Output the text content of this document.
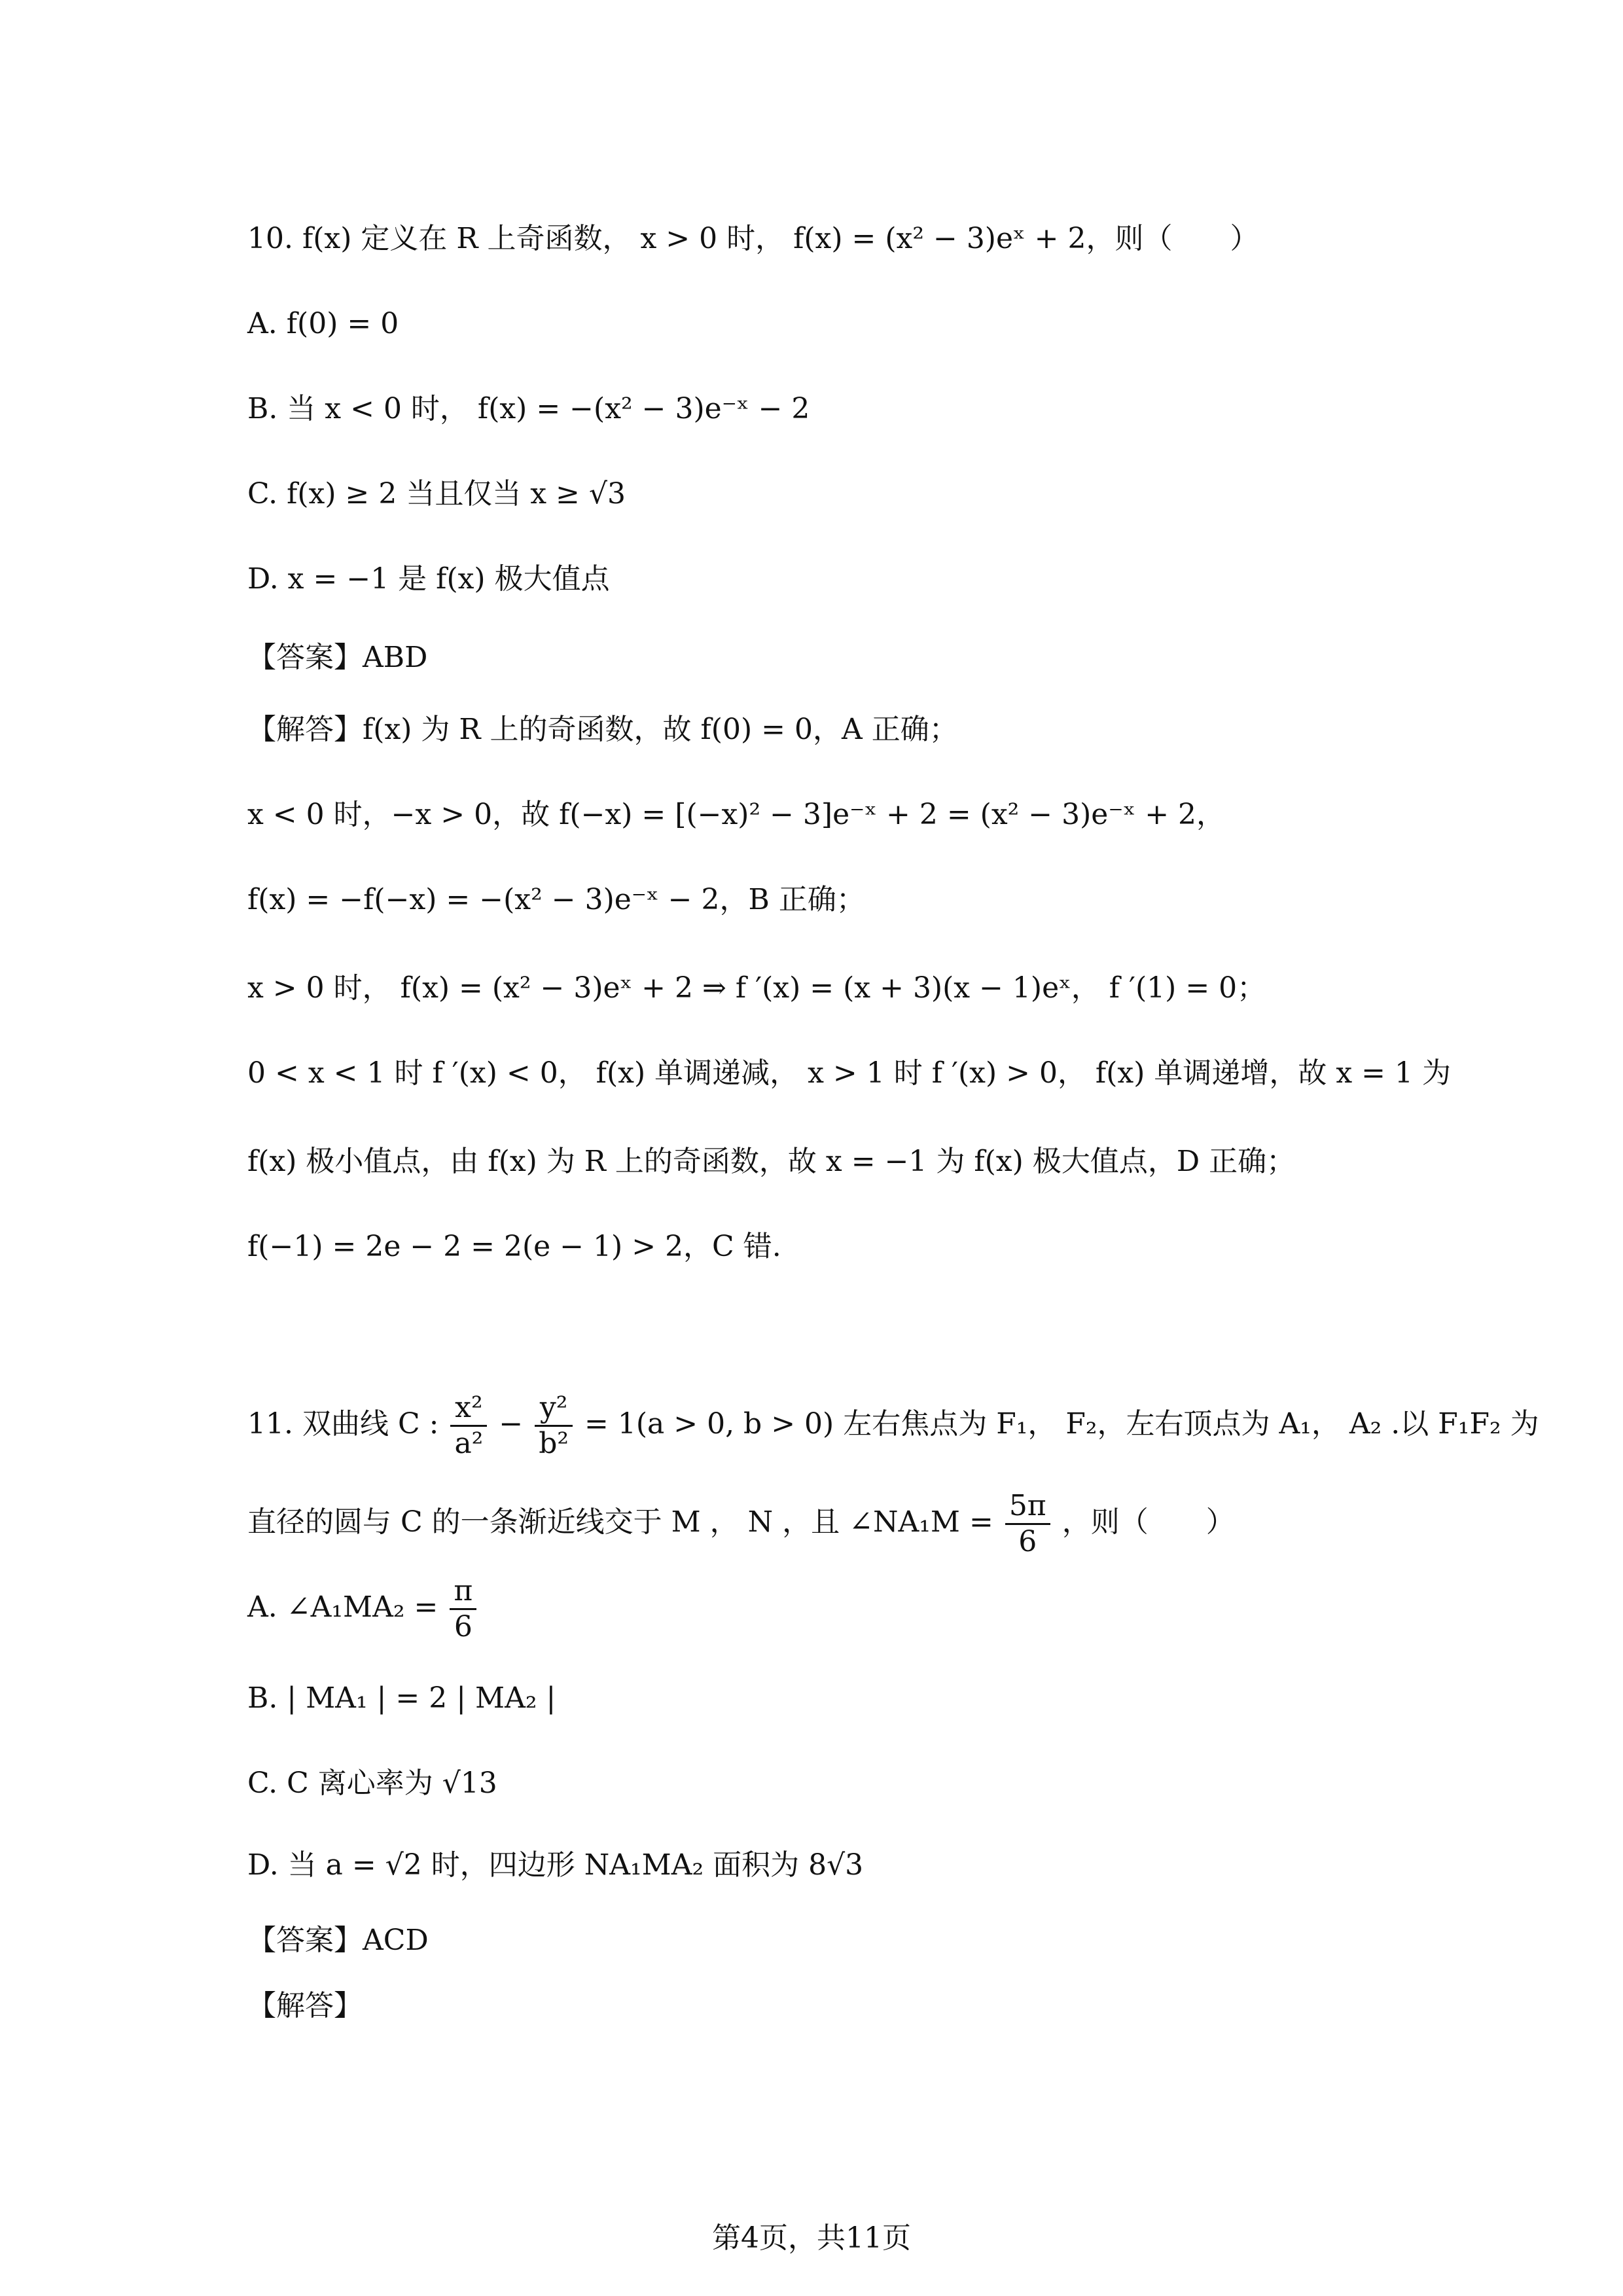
10. f(x) 定义在 R 上奇函数， x > 0 时， f(x) = (x² − 3)eˣ + 2，则（　　）
A. f(0) = 0
B. 当 x < 0 时， f(x) = −(x² − 3)e⁻ˣ − 2
C. f(x) ≥ 2 当且仅当 x ≥ √3
D. x = −1 是 f(x) 极大值点
【答案】ABD
【解答】f(x) 为 R 上的奇函数，故 f(0) = 0，A 正确；
x < 0 时，−x > 0，故 f(−x) = [(−x)² − 3]e⁻ˣ + 2 = (x² − 3)e⁻ˣ + 2，
f(x) = −f(−x) = −(x² − 3)e⁻ˣ − 2，B 正确；
x > 0 时， f(x) = (x² − 3)eˣ + 2 ⇒ f ′(x) = (x + 3)(x − 1)eˣ， f ′(1) = 0；
0 < x < 1 时 f ′(x) < 0， f(x) 单调递减， x > 1 时 f ′(x) > 0， f(x) 单调递增，故 x = 1 为
f(x) 极小值点，由 f(x) 为 R 上的奇函数，故 x = −1 为 f(x) 极大值点，D 正确；
f(−1) = 2e − 2 = 2(e − 1) > 2，C 错.
11. 双曲线 C : $\frac{\text{x²}}{\text{a²}} - \frac{\text{y²}}{\text{b²}} = 1(a > 0$, b > 0) 左右焦点为 F₁， F₂，左右顶点为 A₁， A₂ .以 F₁F₂ 为
直径的圆与 C 的一条渐近线交于 M ， N ，且 ∠NA₁M = $\frac{5\pi}{6}$ ，则（　　）
A. ∠A₁MA₂ = $\frac{\pi}{6}$
B. | MA₁ | = 2 | MA₂ |
C. C 离心率为 √13
D. 当 a = √2 时，四边形 NA₁MA₂ 面积为 8√3
【答案】ACD
【解答】
第4页，共11页
